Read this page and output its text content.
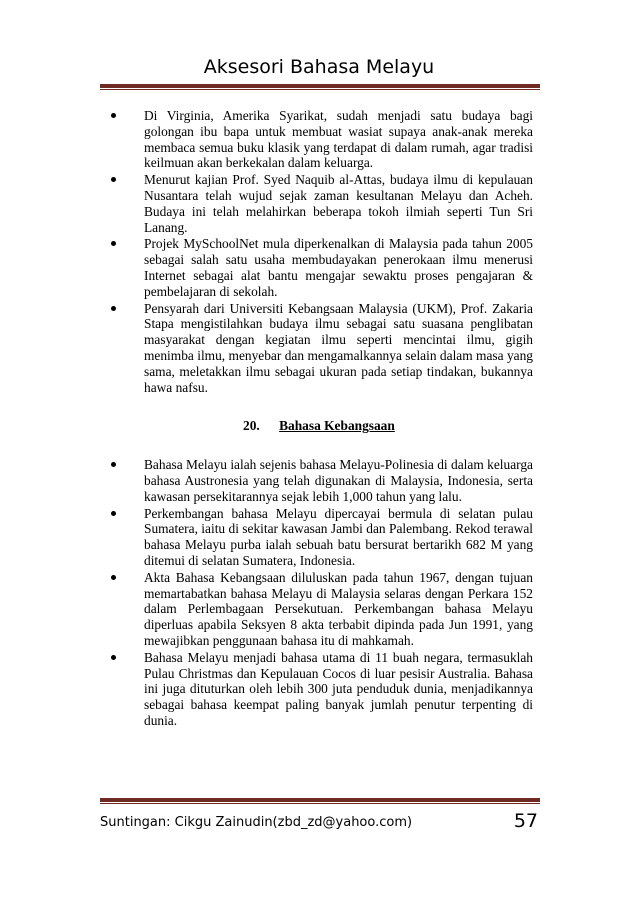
Aksesori Bahasa Melayu
Di Virginia, Amerika Syarikat, sudah menjadi satu budaya bagi golongan ibu bapa untuk membuat wasiat supaya anak-anak mereka membaca semua buku klasik yang terdapat di dalam rumah, agar tradisi keilmuan akan berkekalan dalam keluarga.
Menurut kajian Prof. Syed Naquib al-Attas, budaya ilmu di kepulauan Nusantara telah wujud sejak zaman kesultanan Melayu dan Acheh. Budaya ini telah melahirkan beberapa tokoh ilmiah seperti Tun Sri Lanang.
Projek MySchoolNet mula diperkenalkan di Malaysia pada tahun 2005 sebagai salah satu usaha membudayakan penerokaan ilmu menerusi Internet sebagai alat bantu mengajar sewaktu proses pengajaran & pembelajaran di sekolah.
Pensyarah dari Universiti Kebangsaan Malaysia (UKM), Prof. Zakaria Stapa mengistilahkan budaya ilmu sebagai satu suasana penglibatan masyarakat dengan kegiatan ilmu seperti mencintai ilmu, gigih menimba ilmu, menyebar dan mengamalkannya selain dalam masa yang sama, meletakkan ilmu sebagai ukuran pada setiap tindakan, bukannya hawa nafsu.
20. Bahasa Kebangsaan
Bahasa Melayu ialah sejenis bahasa Melayu-Polinesia di dalam keluarga bahasa Austronesia yang telah digunakan di Malaysia, Indonesia, serta kawasan persekitarannya sejak lebih 1,000 tahun yang lalu.
Perkembangan bahasa Melayu dipercayai bermula di selatan pulau Sumatera, iaitu di sekitar kawasan Jambi dan Palembang. Rekod terawal bahasa Melayu purba ialah sebuah batu bersurat bertarikh 682 M yang ditemui di selatan Sumatera, Indonesia.
Akta Bahasa Kebangsaan diluluskan pada tahun 1967, dengan tujuan memartabatkan bahasa Melayu di Malaysia selaras dengan Perkara 152 dalam Perlembagaan Persekutuan. Perkembangan bahasa Melayu diperluas apabila Seksyen 8 akta terbabit dipinda pada Jun 1991, yang mewajibkan penggunaan bahasa itu di mahkamah.
Bahasa Melayu menjadi bahasa utama di 11 buah negara, termasuklah Pulau Christmas dan Kepulauan Cocos di luar pesisir Australia. Bahasa ini juga dituturkan oleh lebih 300 juta penduduk dunia, menjadikannya sebagai bahasa keempat paling banyak jumlah penutur terpenting di dunia.
Suntingan: Cikgu Zainudin(zbd_zd@yahoo.com)	57
